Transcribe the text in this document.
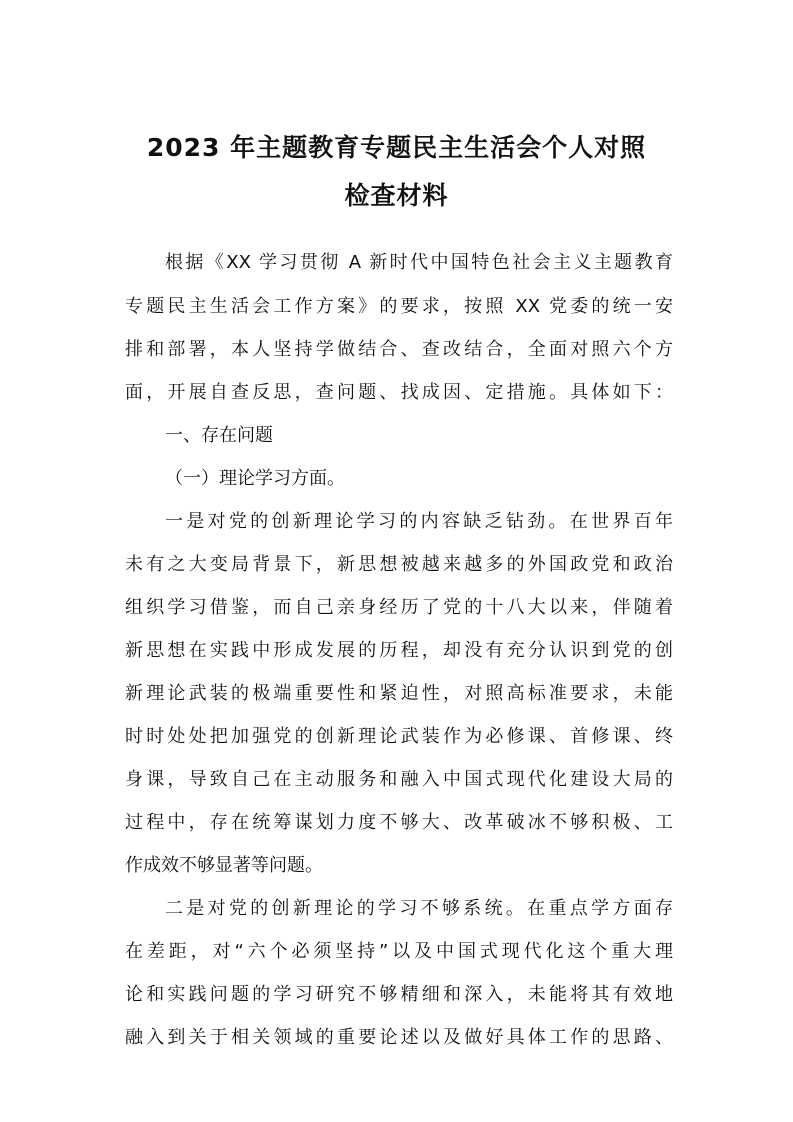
2023 年主题教育专题民主生活会个人对照
检查材料
根据《XX 学习贯彻 A 新时代中国特色社会主义主题教育
专题民主生活会工作方案》的要求，按照 XX 党委的统一安
排和部署，本人坚持学做结合、查改结合，全面对照六个方
面，开展自查反思，查问题、找成因、定措施。具体如下：
一、存在问题
（一）理论学习方面。
一是对党的创新理论学习的内容缺乏钻劲。在世界百年
未有之大变局背景下，新思想被越来越多的外国政党和政治
组织学习借鉴，而自己亲身经历了党的十八大以来，伴随着
新思想在实践中形成发展的历程，却没有充分认识到党的创
新理论武装的极端重要性和紧迫性，对照高标准要求，未能
时时处处把加强党的创新理论武装作为必修课、首修课、终
身课，导致自己在主动服务和融入中国式现代化建设大局的
过程中，存在统筹谋划力度不够大、改革破冰不够积极、工
作成效不够显著等问题。
二是对党的创新理论的学习不够系统。在重点学方面存
在差距，对“六个必须坚持”以及中国式现代化这个重大理
论和实践问题的学习研究不够精细和深入，未能将其有效地
融入到关于相关领域的重要论述以及做好具体工作的思路、
